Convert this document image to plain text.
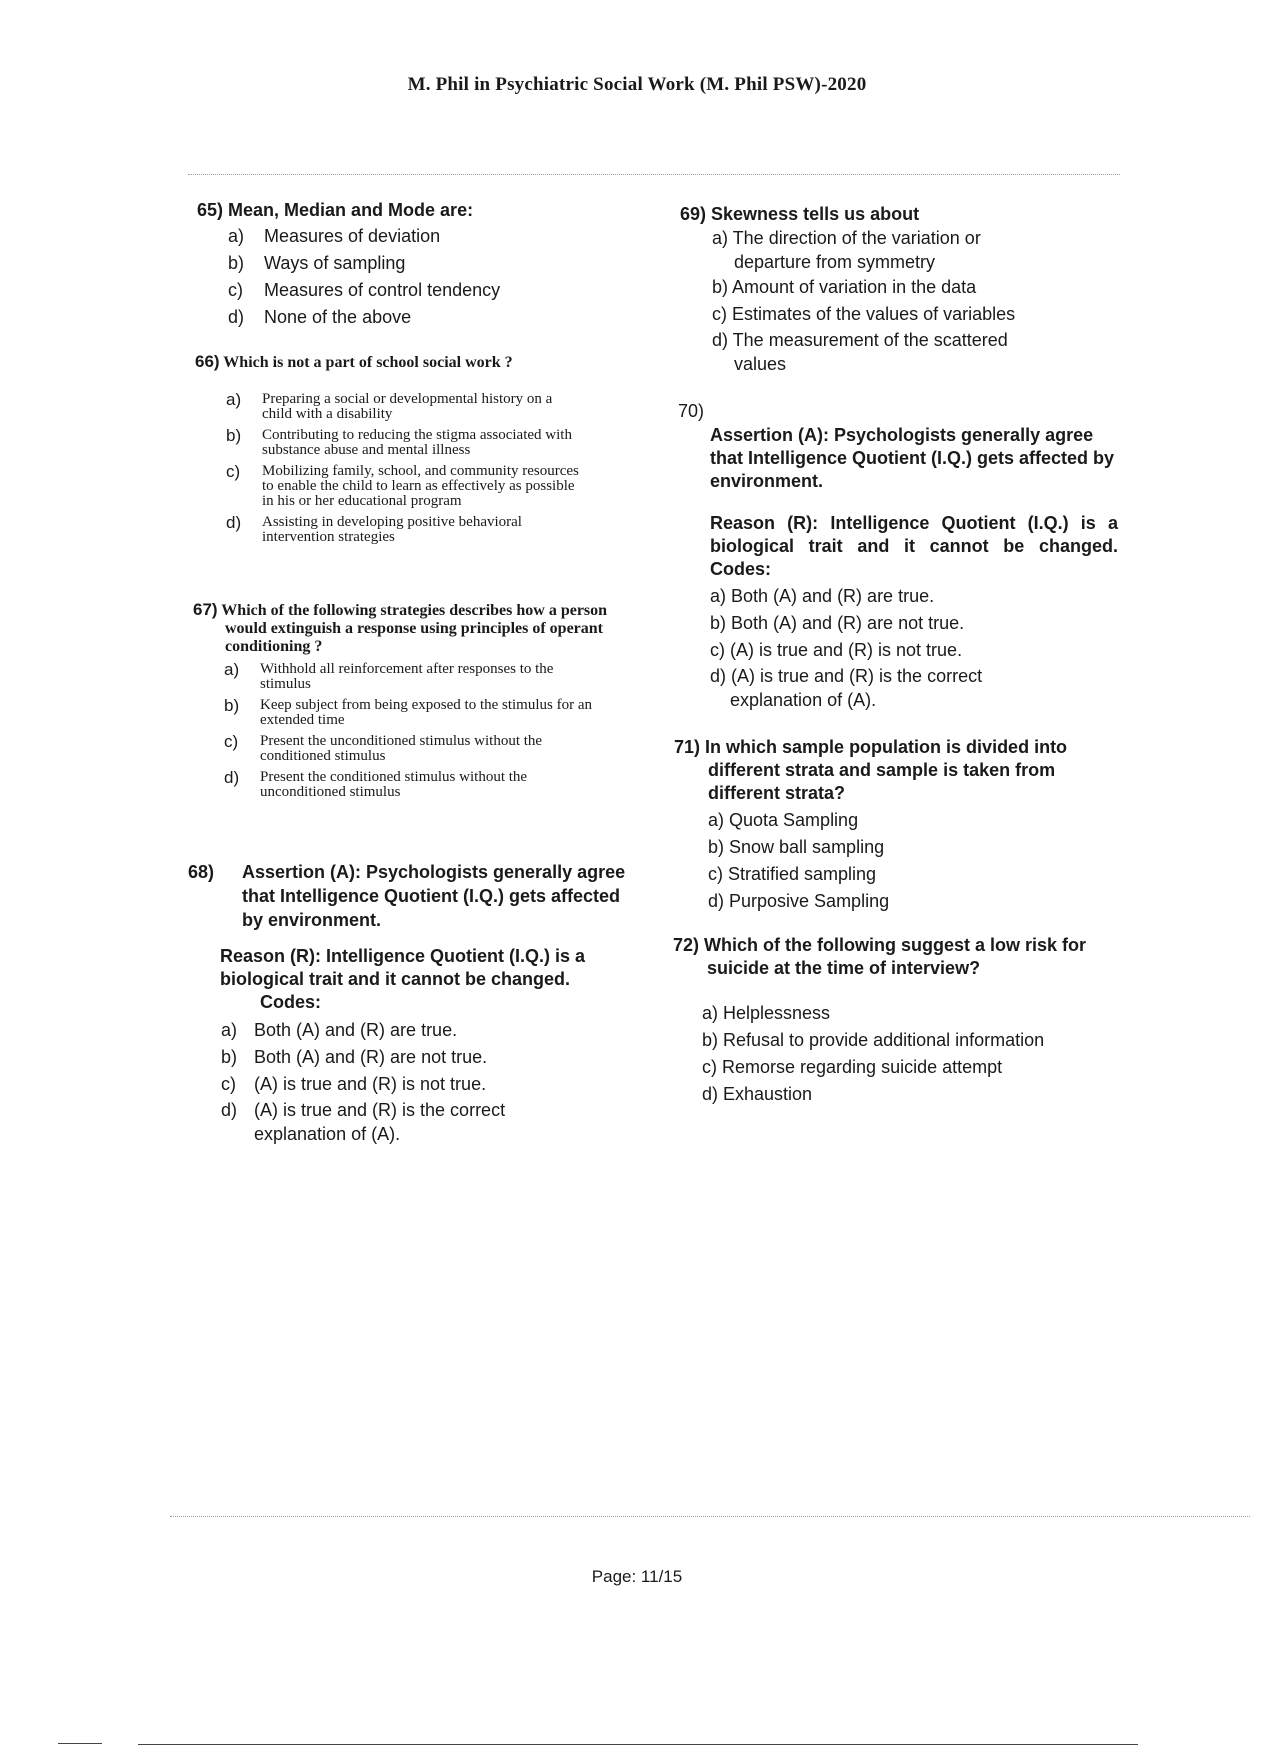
M. Phil in Psychiatric Social Work (M. Phil PSW)-2020
65) Mean, Median and Mode are:
a) Measures of deviation
b) Ways of sampling
c) Measures of control tendency
d) None of the above
66) Which is not a part of school social work ?
a) Preparing a social or developmental history on a child with a disability
b) Contributing to reducing the stigma associated with substance abuse and mental illness
c) Mobilizing family, school, and community resources to enable the child to learn as effectively as possible in his or her educational program
d) Assisting in developing positive behavioral intervention strategies
67) Which of the following strategies describes how a person would extinguish a response using principles of operant conditioning ?
a) Withhold all reinforcement after responses to the stimulus
b) Keep subject from being exposed to the stimulus for an extended time
c) Present the unconditioned stimulus without the conditioned stimulus
d) Present the conditioned stimulus without the unconditioned stimulus
68) Assertion (A): Psychologists generally agree that Intelligence Quotient (I.Q.) gets affected by environment.
Reason (R): Intelligence Quotient (I.Q.) is a biological trait and it cannot be changed. Codes:
a) Both (A) and (R) are true.
b) Both (A) and (R) are not true.
c) (A) is true and (R) is not true.
d) (A) is true and (R) is the correct explanation of (A).
69) Skewness tells us about
a) The direction of the variation or departure from symmetry
b) Amount of variation in the data
c) Estimates of the values of variables
d) The measurement of the scattered values
70)
Assertion (A): Psychologists generally agree that Intelligence Quotient (I.Q.) gets affected by environment.
Reason (R): Intelligence Quotient (I.Q.) is a biological trait and it cannot be changed. Codes:
a) Both (A) and (R) are true.
b) Both (A) and (R) are not true.
c) (A) is true and (R) is not true.
d) (A) is true and (R) is the correct explanation of (A).
71) In which sample population is divided into different strata and sample is taken from different strata?
a) Quota Sampling
b) Snow ball sampling
c) Stratified sampling
d) Purposive Sampling
72) Which of the following suggest a low risk for suicide at the time of interview?
a) Helplessness
b) Refusal to provide additional information
c) Remorse regarding suicide attempt
d) Exhaustion
Page: 11/15
